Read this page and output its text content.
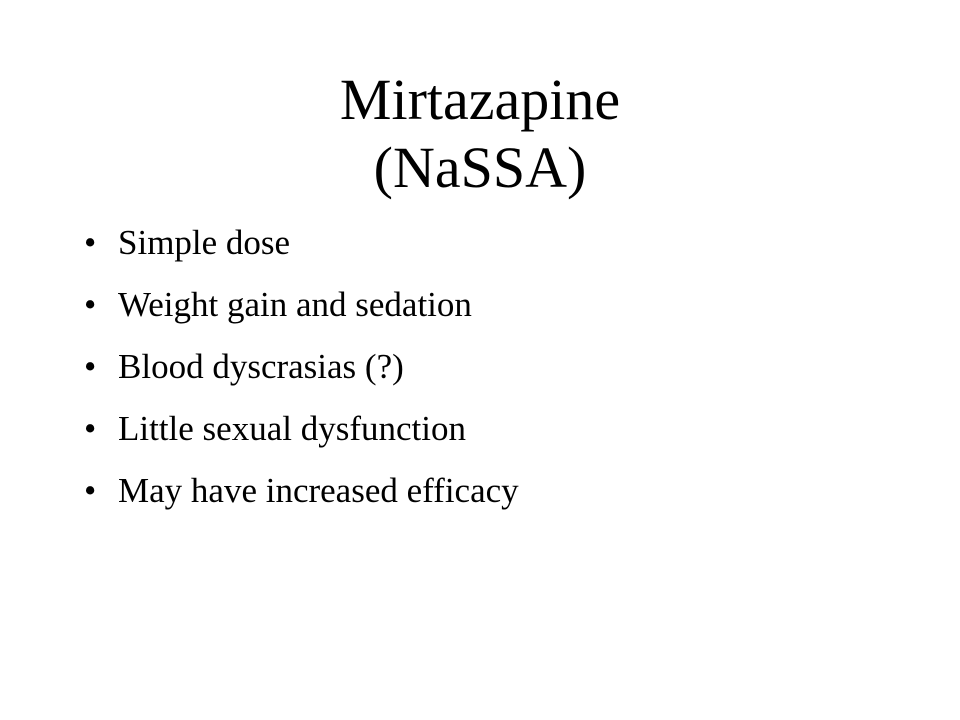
Mirtazapine
(NaSSA)
• Simple dose
• Weight gain and sedation
• Blood dyscrasias (?)
• Little sexual dysfunction
• May have increased efficacy
